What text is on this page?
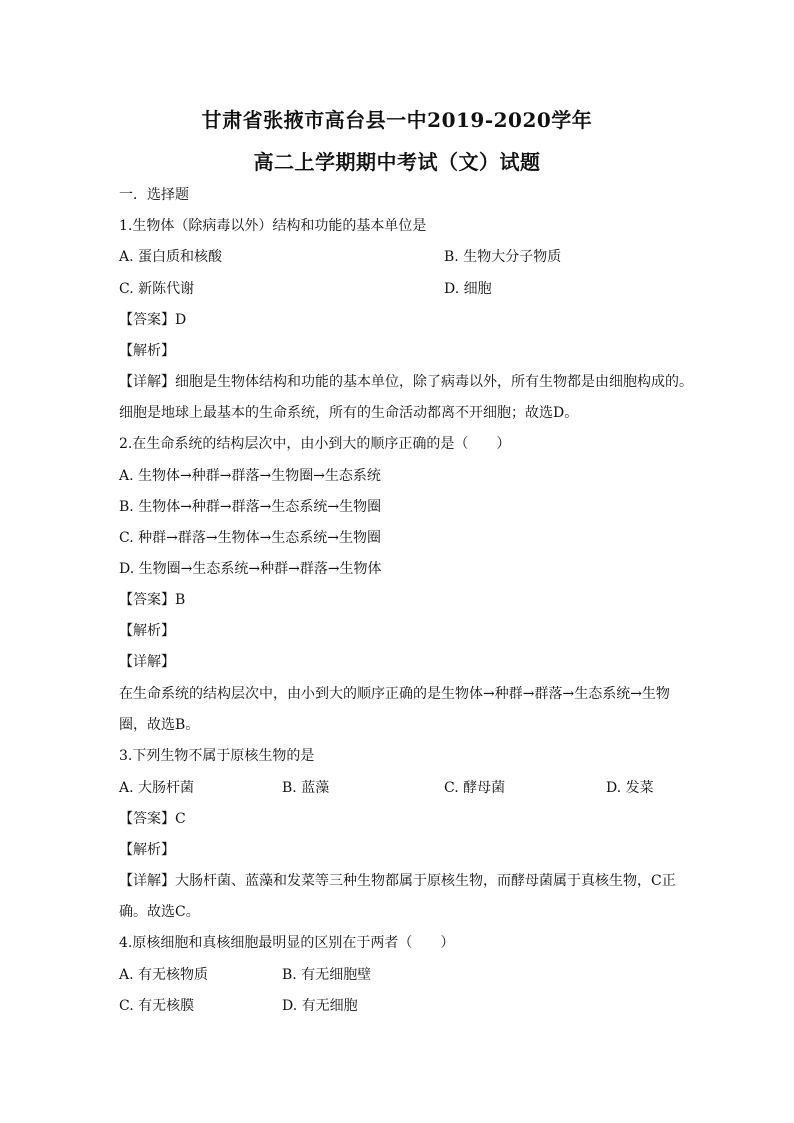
甘肃省张掖市高台县一中2019-2020学年
高二上学期期中考试（文）试题
一．选择题
1.生物体（除病毒以外）结构和功能的基本单位是
A. 蛋白质和核酸	B. 生物大分子物质
C. 新陈代谢	D. 细胞
【答案】D
【解析】
【详解】细胞是生物体结构和功能的基本单位，除了病毒以外，所有生物都是由细胞构成的。
细胞是地球上最基本的生命系统，所有的生命活动都离不开细胞；故选D。
2.在生命系统的结构层次中，由小到大的顺序正确的是（　　）
A. 生物体→种群→群落→生物圈→生态系统
B. 生物体→种群→群落→生态系统→生物圈
C. 种群→群落→生物体→生态系统→生物圈
D. 生物圈→生态系统→种群→群落→生物体
【答案】B
【解析】
【详解】
在生命系统的结构层次中，由小到大的顺序正确的是生物体→种群→群落→生态系统→生物
圈，故选B。
3.下列生物不属于原核生物的是
A. 大肠杆菌	B. 蓝藻	C. 酵母菌	D. 发菜
【答案】C
【解析】
【详解】大肠杆菌、蓝藻和发菜等三种生物都属于原核生物，而酵母菌属于真核生物，C正
确。故选C。
4.原核细胞和真核细胞最明显的区别在于两者（　　）
A. 有无核物质	B. 有无细胞壁
C. 有无核膜	D. 有无细胞
